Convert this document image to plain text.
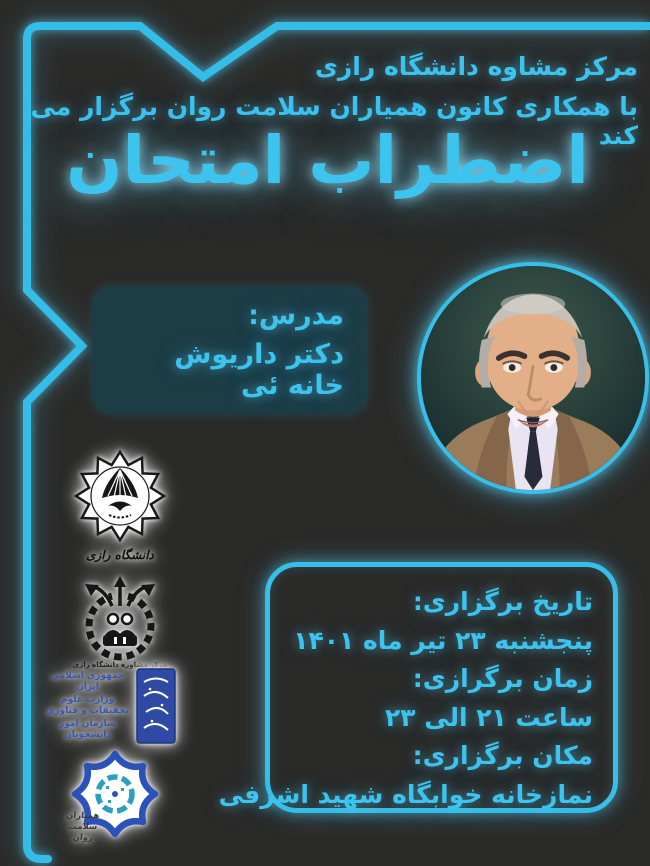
مرکز مشاوه دانشگاه رازی
با همکاری کانون همیاران سلامت روان برگزار می کند
اضطراب امتحان
مدرس:
دکتر داریوش خانه ئی
تاریخ برگزاری:
پنجشنبه ۲۳ تیر ماه ۱۴۰۱
زمان برگرازی:
ساعت ۲۱ الی ۲۳
مکان برگزاری:
نمازخانه خوابگاه شهید اشرفی
دانشگاه رازی
مرکز مشاوره دانشگاه رازی
جمهوری اسلامی ایران
وزارت علوم تحقیقات و فناوری
سازمان امور دانشجویان
همیاران
سلامت
روان
